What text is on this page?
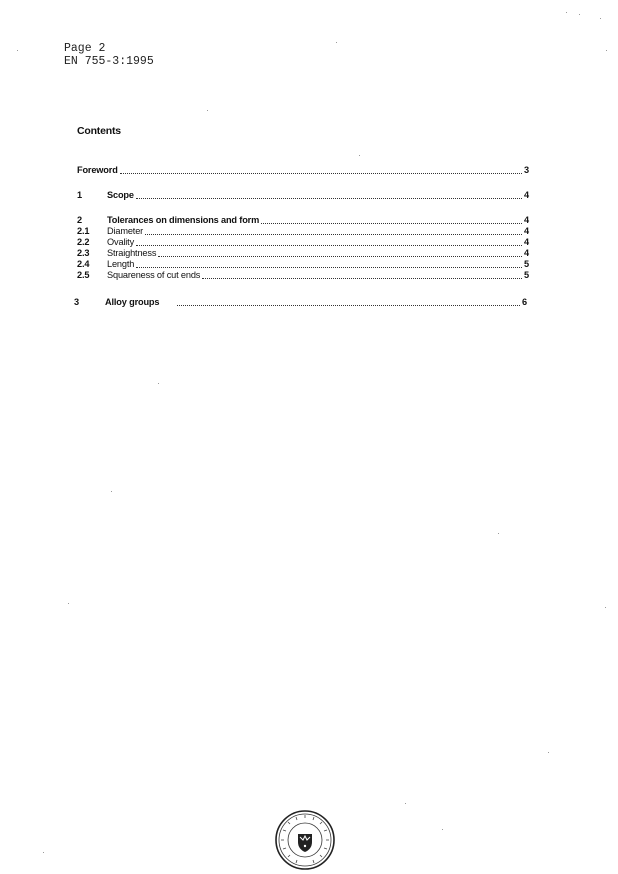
Page 2
EN 755-3:1995
Contents
Foreword	3
1	Scope	4
2	Tolerances on dimensions and form	4
2.1	Diameter	4
2.2	Ovality	4
2.3	Straightness	4
2.4	Length	5
2.5	Squareness of cut ends	5
3	Alloy groups	6
